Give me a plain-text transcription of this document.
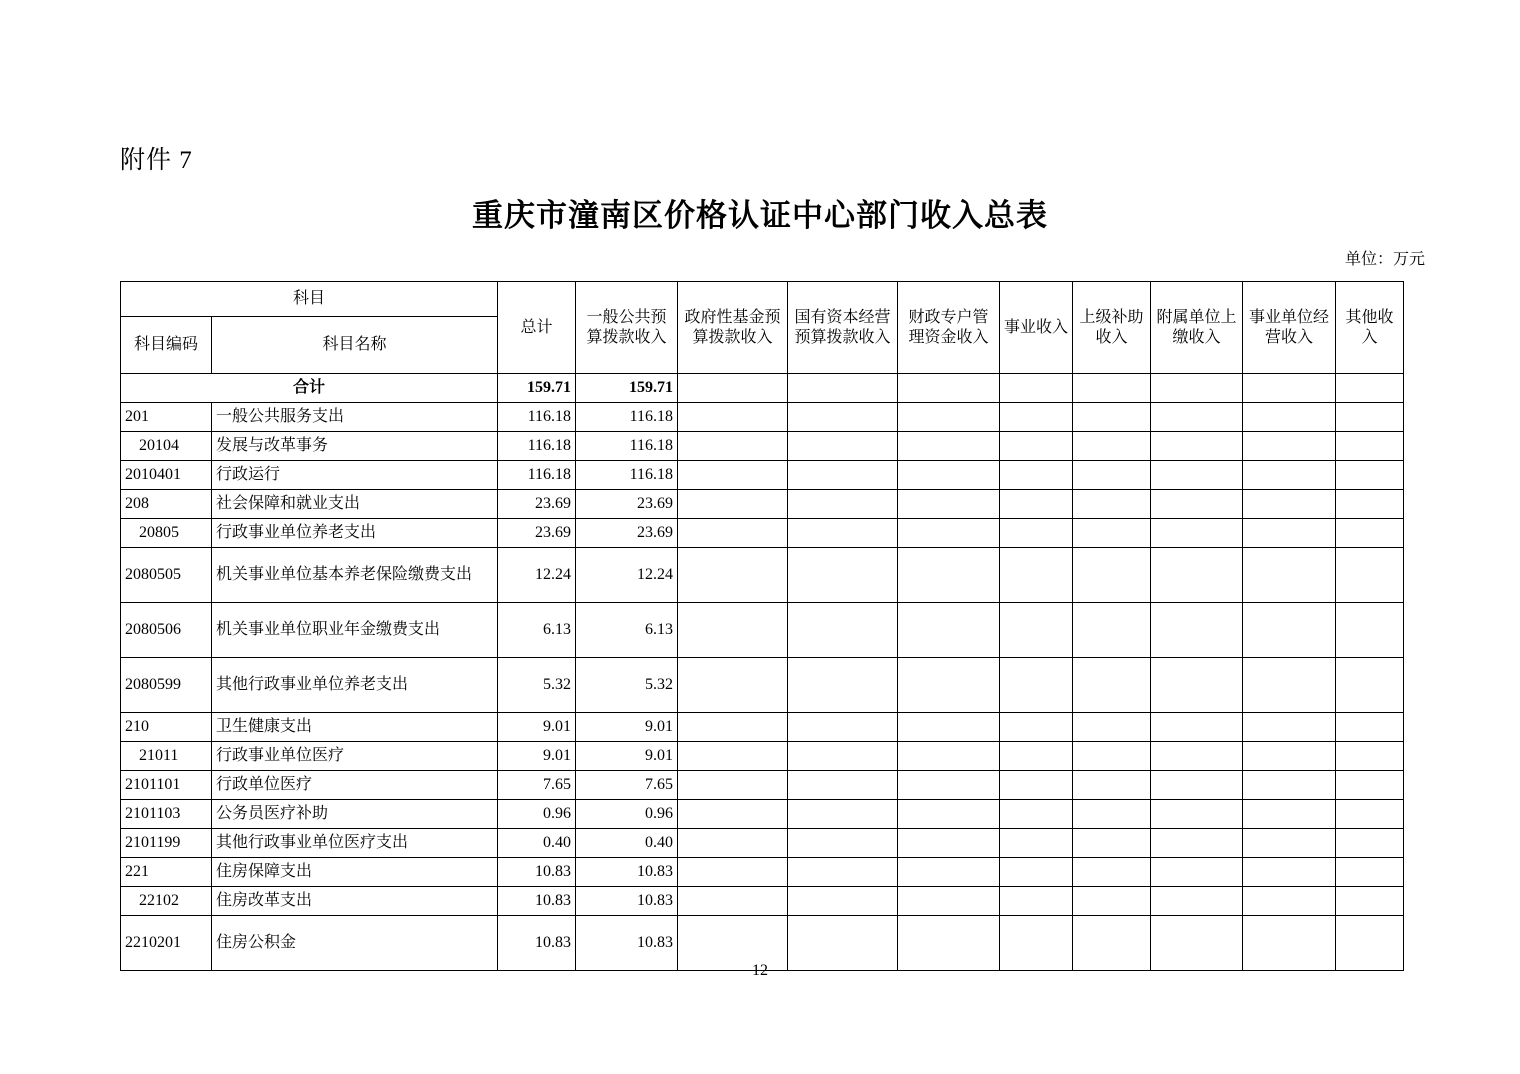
附件 7
重庆市潼南区价格认证中心部门收入总表
单位：万元
科目		总计	一般公共预算拨款收入	政府性基金预算拨款收入	国有资本经营预算拨款收入	财政专户管理资金收入	事业收入	上级补助收入	附属单位上缴收入	事业单位经营收入	其他收入
科目编码	科目名称										
合计		159.71	159.71								
201	一般公共服务支出	116.18	116.18								
20104	发展与改革事务	116.18	116.18								
2010401	行政运行	116.18	116.18								
208	社会保障和就业支出	23.69	23.69								
20805	行政事业单位养老支出	23.69	23.69								
2080505	机关事业单位基本养老保险缴费支出	12.24	12.24								
2080506	机关事业单位职业年金缴费支出	6.13	6.13								
2080599	其他行政事业单位养老支出	5.32	5.32								
210	卫生健康支出	9.01	9.01								
21011	行政事业单位医疗	9.01	9.01								
2101101	行政单位医疗	7.65	7.65								
2101103	公务员医疗补助	0.96	0.96								
2101199	其他行政事业单位医疗支出	0.40	0.40								
221	住房保障支出	10.83	10.83								
22102	住房改革支出	10.83	10.83								
2210201	住房公积金	10.83	10.83								
12
